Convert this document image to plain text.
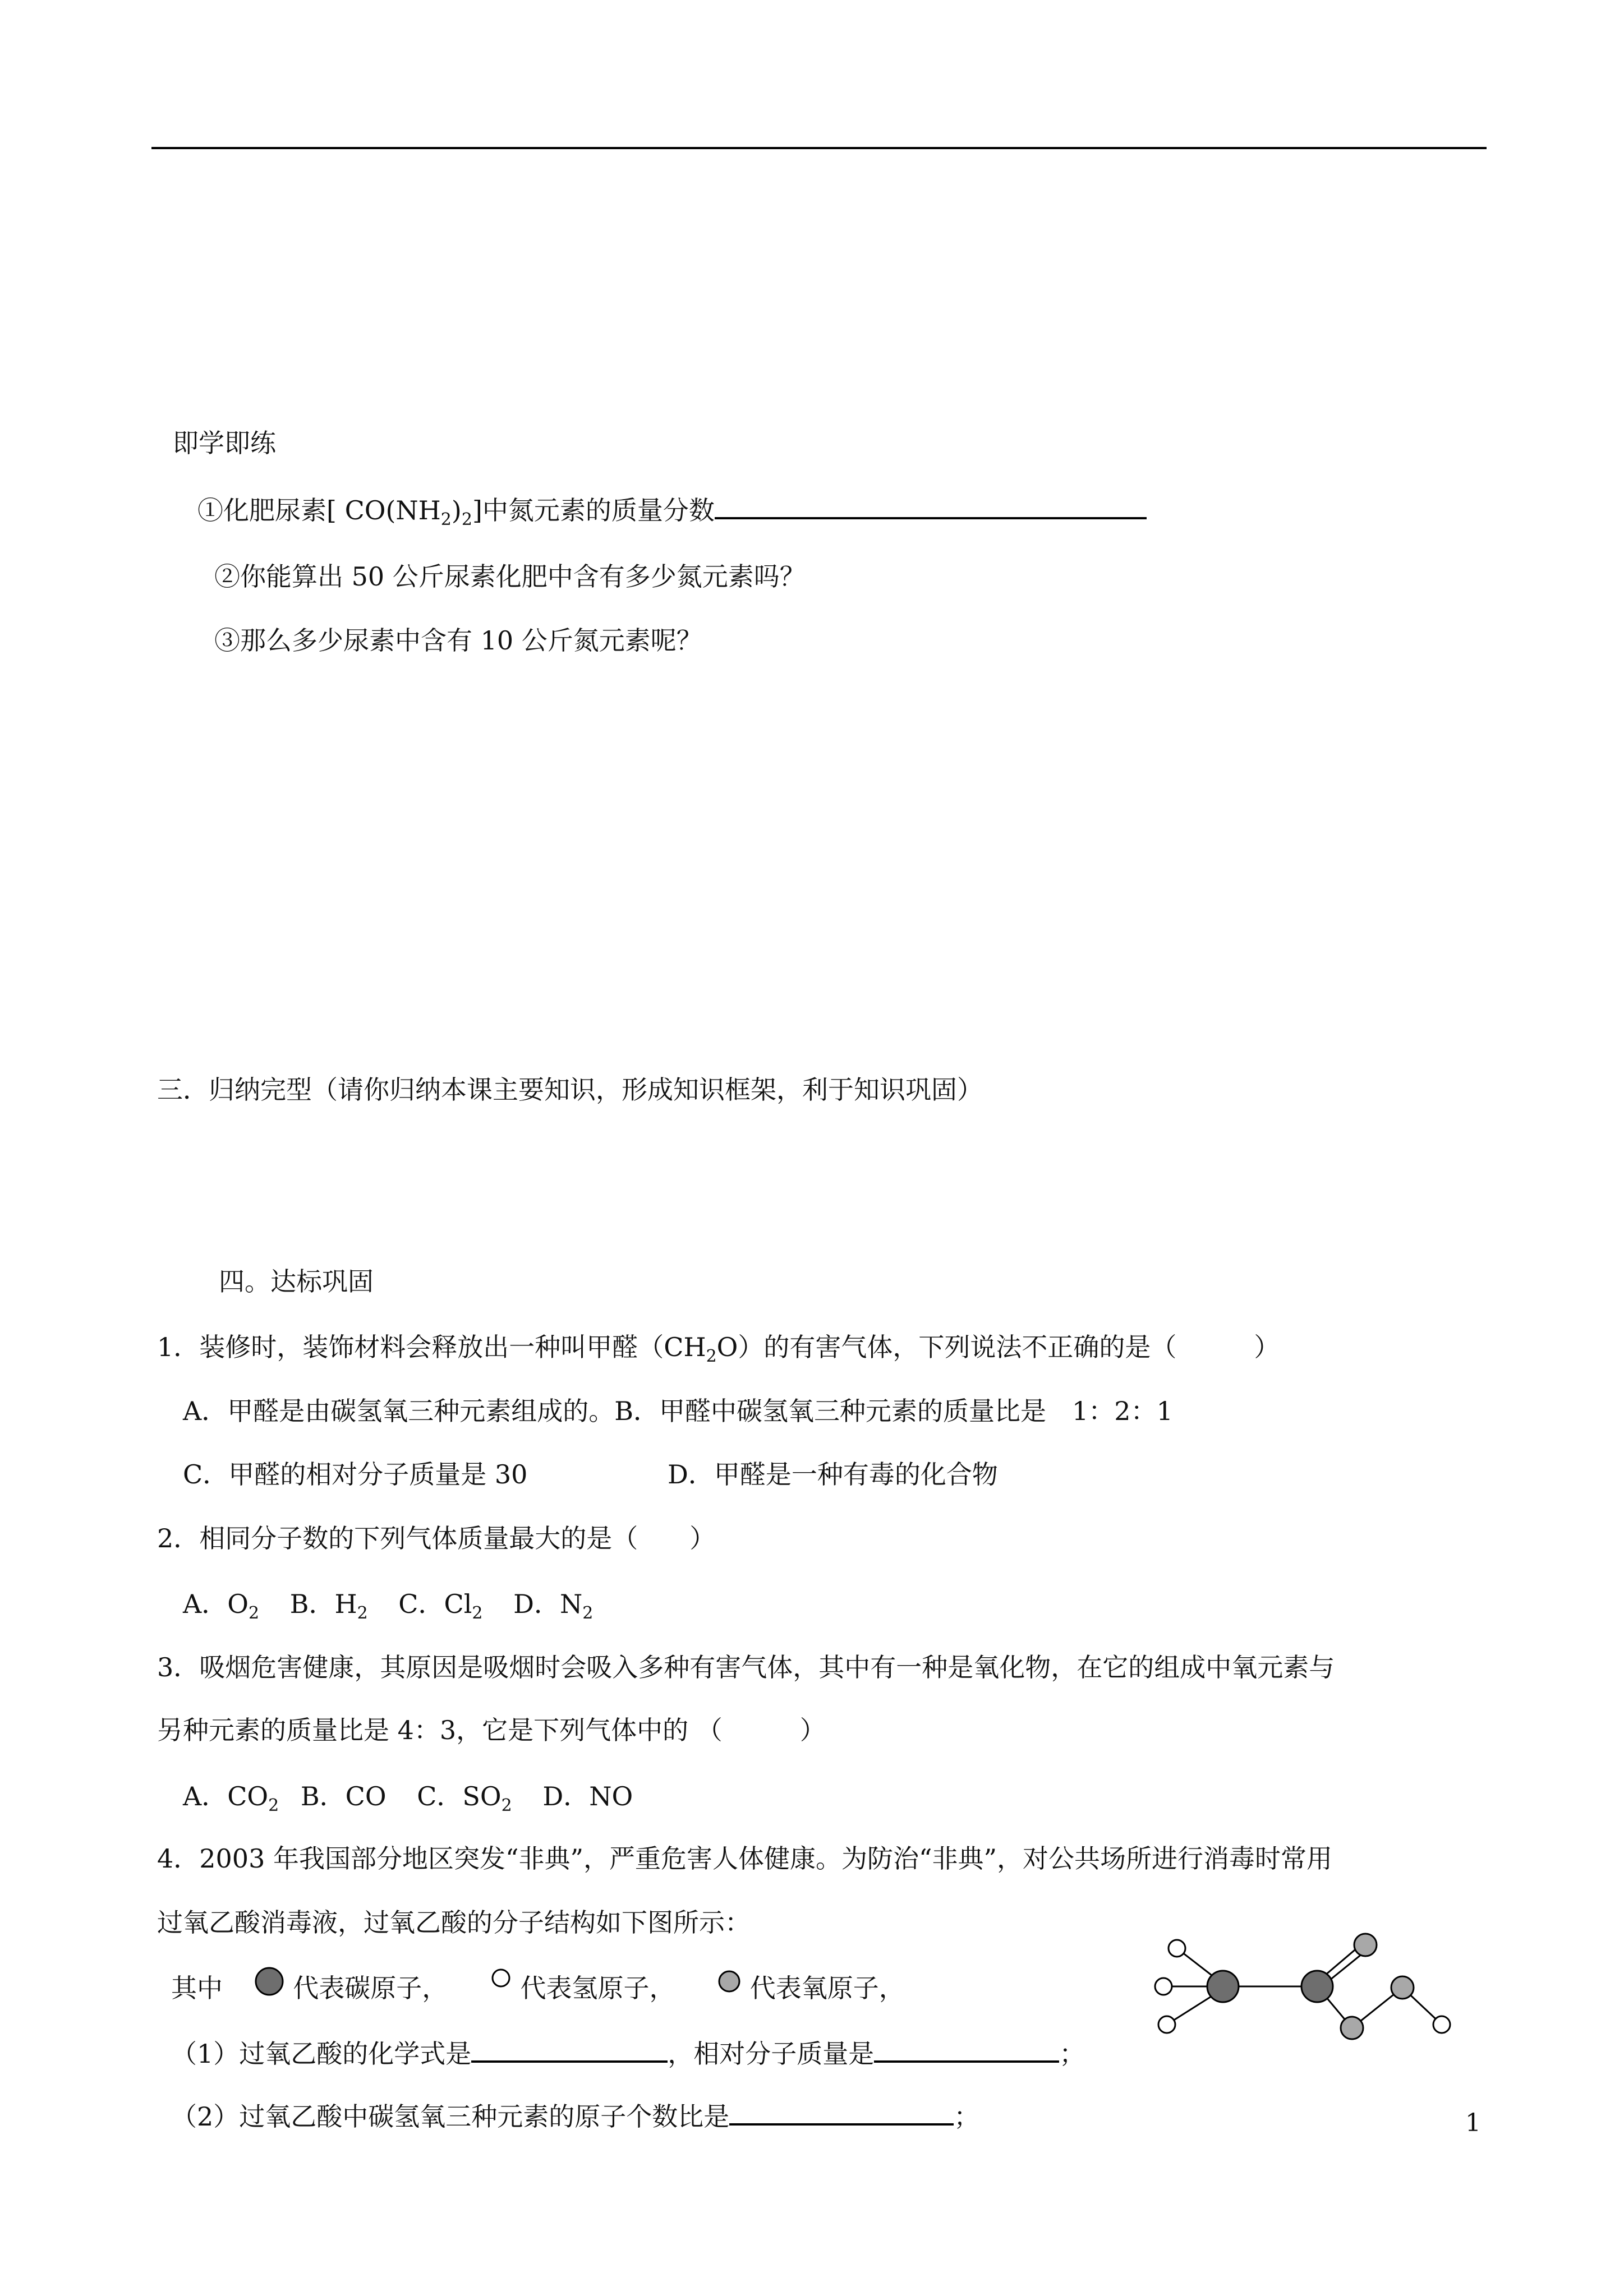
即学即练
①化肥尿素[ $CO(NH_2)_2$]中氮元素的质量分数
②你能算出 50 公斤尿素化肥中含有多少氮元素吗？
③那么多少尿素中含有 10 公斤氮元素呢？
三．归纳完型（请你归纳本课主要知识，形成知识框架，利于知识巩固）
四。达标巩固
1．装修时，装饰材料会释放出一种叫甲醛$(CH_2O)$的有害气体，下列说法不正确的是（　　　）
A．甲醛是由碳氢氧三种元素组成的。B．甲醛中碳氢氧三种元素的质量比是　1：2：1
C．甲醛的相对分子质量是 30	D．甲醛是一种有毒的化合物
2．相同分子数的下列气体质量最大的是（　　）
A．$O_2$ B．$H_2$ C．$Cl_2$ D．$N_2$
3．吸烟危害健康，其原因是吸烟时会吸入多种有害气体，其中有一种是氧化物，在它的组成中氧元素与
另种元素的质量比是 4：3，它是下列气体中的 （　　　）
A．$CO_2$ B．CO C．$SO_2$ D．NO
4．2003 年我国部分地区突发“非典”，严重危害人体健康。为防治“非典”，对公共场所进行消毒时常用
过氧乙酸消毒液，过氧乙酸的分子结构如下图所示：
其中	代表碳原子，	代表氢原子，	代表氧原子，
（1）过氧乙酸的化学式是	，相对分子质量是	；
（2）过氧乙酸中碳氢氧三种元素的原子个数比是	；	1
